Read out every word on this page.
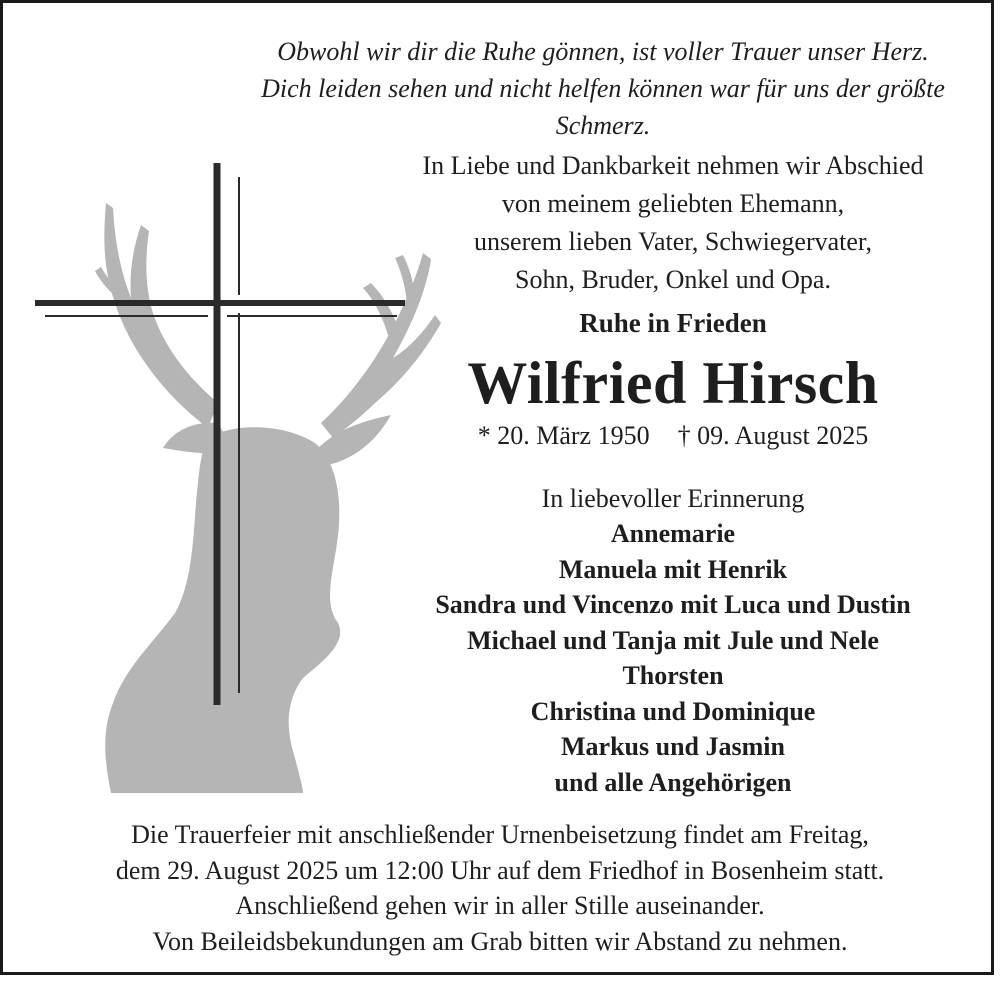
Obwohl wir dir die Ruhe gönnen, ist voller Trauer unser Herz.
Dich leiden sehen und nicht helfen können war für uns der größte
Schmerz.
In Liebe und Dankbarkeit nehmen wir Abschied
von meinem geliebten Ehemann,
unserem lieben Vater, Schwiegervater,
Sohn, Bruder, Onkel und Opa.
Ruhe in Frieden
Wilfried Hirsch
* 20. März 1950 † 09. August 2025
In liebevoller Erinnerung
Annemarie
Manuela mit Henrik
Sandra und Vincenzo mit Luca und Dustin
Michael und Tanja mit Jule und Nele
Thorsten
Christina und Dominique
Markus und Jasmin
und alle Angehörigen
Die Trauerfeier mit anschließender Urnenbeisetzung findet am Freitag,
dem 29. August 2025 um 12:00 Uhr auf dem Friedhof in Bosenheim statt.
Anschließend gehen wir in aller Stille auseinander.
Von Beileidsbekundungen am Grab bitten wir Abstand zu nehmen.
